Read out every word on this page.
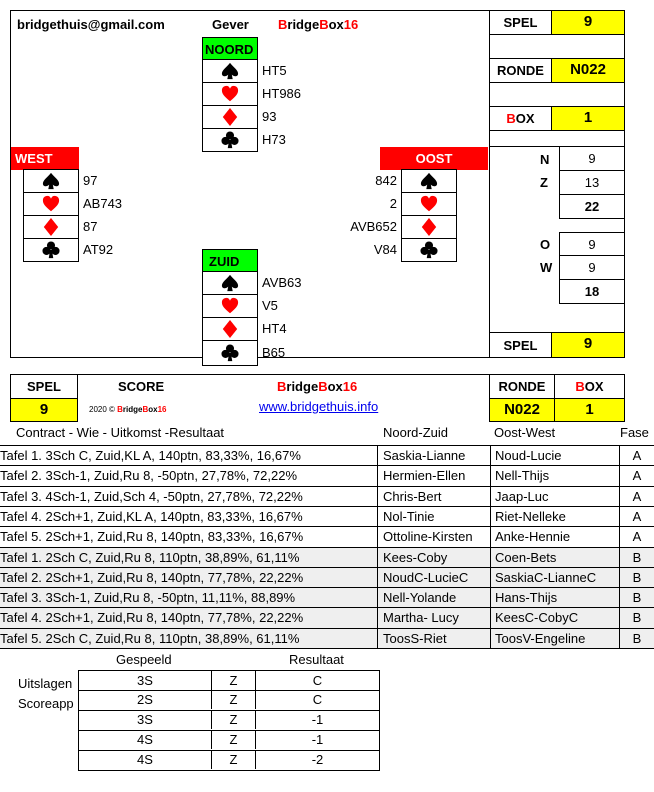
bridgethuis@gmail.com	Gever BridgeBox16	SPEL	9
RONDE	N022
BOX	1
N	9
Z	13
22
O	9
W	9
18
SPEL	9
NOORD
HT5
HT986
93
H73
WEST
97
AB743
87
AT92
OOST
842
2
AVB652
V84
ZUID
AVB63
V5
HT4
B65
SPEL	SCORE	BridgeBox16	RONDE	BOX
9	2020 © BridgeBox16	www.bridgethuis.info	N022	1
Contract - Wie - Uitkomst -Resultaat	Noord-Zuid	Oost-West	Fase
Tafel 1. 3Sch C, Zuid,KL A, 140ptn, 83,33%, 16,67%	Saskia-Lianne	Noud-Lucie	A
Tafel 2. 3Sch-1, Zuid,Ru 8, -50ptn, 27,78%, 72,22%	Hermien-Ellen	Nell-Thijs	A
Tafel 3. 4Sch-1, Zuid,Sch 4, -50ptn, 27,78%, 72,22%	Chris-Bert	Jaap-Luc	A
Tafel 4. 2Sch+1, Zuid,KL A, 140ptn, 83,33%, 16,67%	Nol-Tinie	Riet-Nelleke	A
Tafel 5. 2Sch+1, Zuid,Ru 8, 140ptn, 83,33%, 16,67%	Ottoline-Kirsten	Anke-Hennie	A
Tafel 1. 2Sch C, Zuid,Ru 8, 110ptn, 38,89%, 61,11%	Kees-Coby	Coen-Bets	B
Tafel 2. 2Sch+1, Zuid,Ru 8, 140ptn, 77,78%, 22,22%	NoudC-LucieC	SaskiaC-LianneC	B
Tafel 3. 3Sch-1, Zuid,Ru 8, -50ptn, 11,11%, 88,89%	Nell-Yolande	Hans-Thijs	B
Tafel 4. 2Sch+1, Zuid,Ru 8, 140ptn, 77,78%, 22,22%	Martha- Lucy	KeesC-CobyC	B
Tafel 5. 2Sch C, Zuid,Ru 8, 110ptn, 38,89%, 61,11%	ToosS-Riet	ToosV-Engeline	B
Gespeeld	Resultaat
Uitslagen
Scoreapp
3S	Z	C
2S	Z	C
3S	Z	-1
4S	Z	-1
4S	Z	-2
